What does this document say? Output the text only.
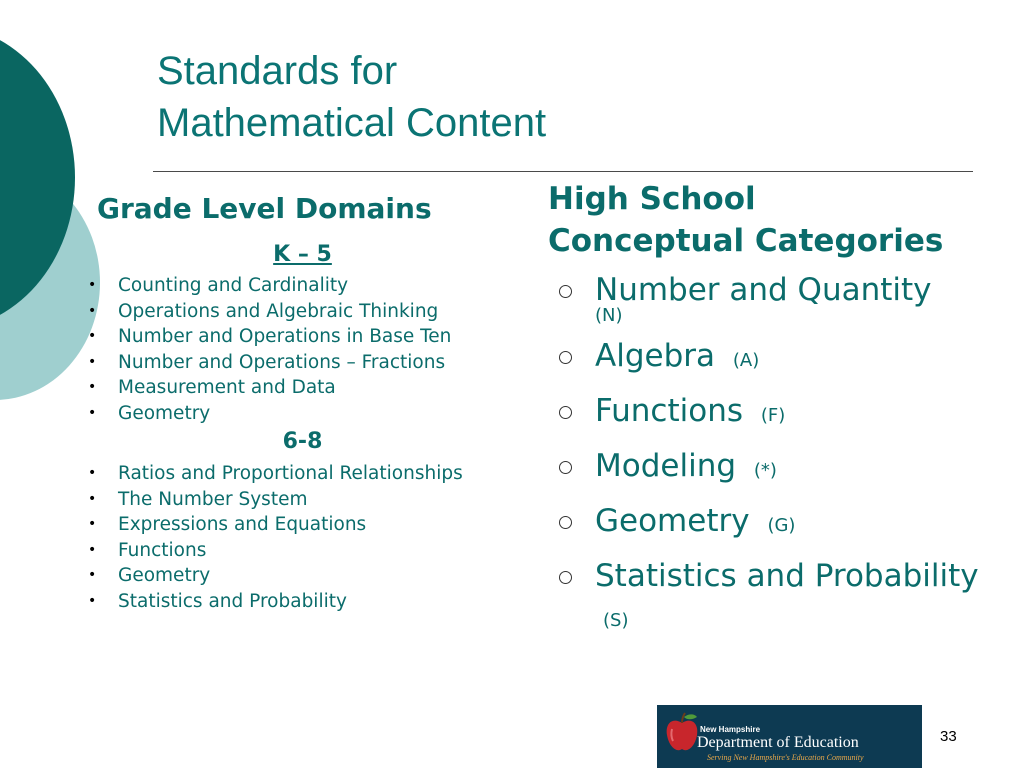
Standards for
Mathematical Content
Grade Level Domains

K – 5

• Counting and Cardinality
• Operations and Algebraic Thinking
• Number and Operations in Base Ten
• Number and Operations – Fractions
• Measurement and Data
• Geometry

6-8

• Ratios and Proportional Relationships
• The Number System
• Expressions and Equations
• Functions
• Geometry
• Statistics and Probability
High School
Conceptual Categories
Number and Quantity
(N)
Algebra (A)
Functions (F)
Modeling (*)
Geometry (G)
Statistics and Probability (S)
New Hampshire
Department of Education
Serving New Hampshire's Education Community
33
